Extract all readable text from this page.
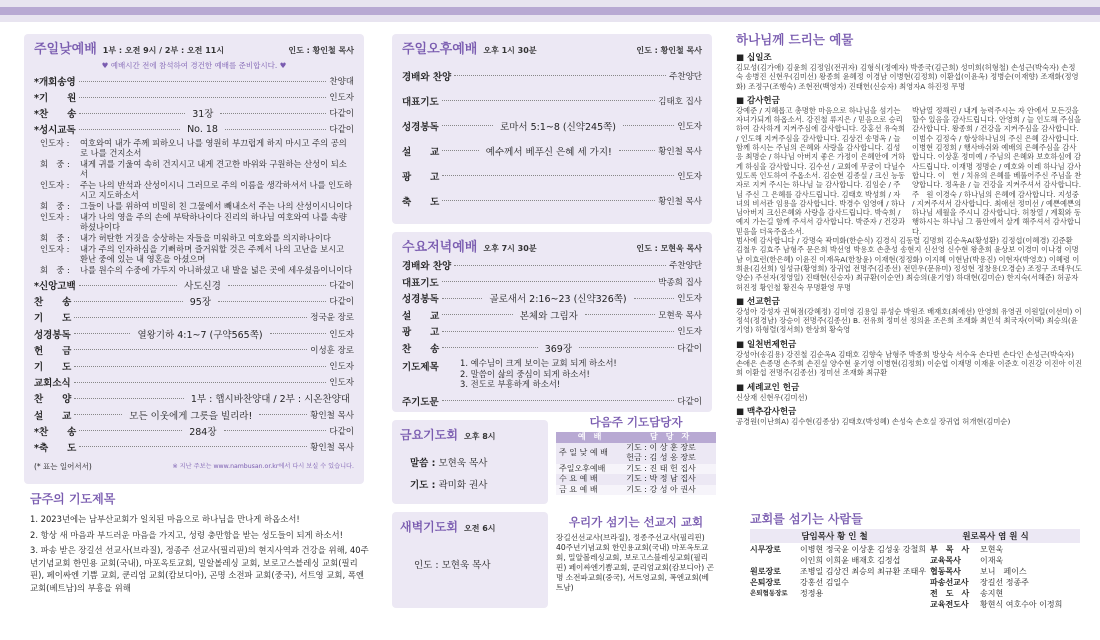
주일낮예배 1부 : 오전 9시 / 2부 : 오전 11시	인도 : 황인철 목사
♥ 예배시간 전에 참석하여 경건한 예배를 준비합시다. ♥
*개회송영	찬양대
*기　　원	인도자
*찬　　송	31장	다같이
*성시교독	No. 18	다같이
인도자 :	여호와여 내가 주께 피하오니 나를 영원히 부끄럽게 하지 마시고 주의 공의로 나를 건지소서
회　중 :	내게 귀를 기울여 속히 건지시고 내게 견고한 바위와 구원하는 산성이 되소서
인도자 :	주는 나의 반석과 산성이시니 그러므로 주의 이름을 생각하셔서 나를 인도하시고 지도하소서
회　중 :	그들이 나를 위하여 비밀히 친 그물에서 빼내소서 주는 나의 산성이시니이다
인도자 :	내가 나의 영을 주의 손에 부탁하나이다 진리의 하나님 여호와여 나를 속량하셨나이다
회　중 :	내가 허탄한 거짓을 숭상하는 자들을 미워하고 여호와를 의지하나이다
인도자 :	내가 주의 인자하심을 기뻐하며 즐거워할 것은 주께서 나의 고난을 보시고 환난 중에 있는 내 영혼을 아셨으며
회　중 :	나를 원수의 수중에 가두지 아니하셨고 내 발을 넓은 곳에 세우셨음이니이다
*신앙고백	사도신경	다같이
찬　　송	95장	다같이
기　　도	정국윤 장로
성경봉독	열왕기하 4:1~7 (구약565쪽)	인도자
헌　　금	이성훈 장로
기　　도	인도자
교회소식	인도자
찬　　양	1부 : 햅시바찬양대 / 2부 : 시온찬양대
설　　교	모든 이웃에게 그릇을 빌리라!	황인철 목사
*찬　　송	284장	다같이
*축　　도	황인철 목사
(* 표는 일어서서)	※ 지난 주보는 www.nambusan.or.kr에서 다시 보실 수 있습니다.
금주의 기도제목
1. 2023년에는 남부산교회가 일치된 마음으로 하나님을 만나게 하옵소서!
2. 항상 새 마음과 부드러운 마음을 가지고, 성령 충만함을 받는 성도들이 되게 하소서!
3. 파송 받은 장길선 선교사(브라질), 정종주 선교사(필리핀)의 현지사역과 건강을 위해, 40주년기념교회 한민용 교회(국내), 마포옥토교회, 밀알볼레싱 교회, 보로고스블레싱 교회(필리핀), 페이싸엔 기쁨 교회, 쿤리엄 교회(캄보디아), 곤명 소전파 교회(중국), 서트영 교회, 폭엔 교회(베트남)의 부흥을 위해
주일오후예배 오후 1시 30분	인도 : 황인철 목사
경배와 찬양	주찬양단
대표기도	김태호 집사
성경봉독	로마서 5:1~8 (신약245쪽)	인도자
설　　교	예수께서 베푸신 은혜 세 가지!	황인철 목사
광　　고	인도자
축　　도	황인철 목사
수요저녁예배 오후 7시 30분	인도 : 모현욱 목사
경배와 찬양	주찬양단
대표기도	박종희 집사
성경봉독	골로새서 2:16~23 (신약326쪽)	인도자
설　　교	본체와 그림자	모현욱 목사
광　　고	인도자
찬　　송	369장	다같이
기도제목	1. 예수님이 크게 보이는 교회 되게 하소서!
2. 말씀이 삶의 중심이 되게 하소서!
3. 전도로 부흥하게 하소서!
주기도문	다같이
금요기도회 오후 8시
말씀 : 모현욱 목사
기도 : 곽미화 권사
다음주 기도담당자
예　배	담　당　자
주 일 낮 예 배	기도 : 이 상 훈 장로
	헌금 : 김 성 옹 장로
주일오후예배	기도 : 진 태 헌 집사
수 요 예 배	기도 : 박 정 남 집사
금 요 예 배	기도 : 강 성 아 권사
새벽기도회 오전 6시
인도 : 모현욱 목사
우리가 섬기는 선교지 교회
장길선선교사(브라질), 정종주선교사(필리핀) 40주년기념교회 한민용교회(국내) 마포옥토교회, 밀알볼레싱교회, 보로고스블레싱교회(필리핀) 페이싸엔기쁨교회, 쿤리엄교회(캄보디아) 곤명 소전파교회(중국), 서트영교회, 폭엔교회(베트남)
하나님께 드리는 예물
■ 십일조
김묘성(김가애) 김윤희 김정임(전귀자) 김형식(정예자) 박종국(김근희) 성미희(허형철) 손성근(박숙자) 손정숙 송병진 신현우(김미선) 왕종희 윤혜정 이경남 이병현(김정희) 이환섭(이윤옥) 정병순(이재향) 조재화(정영화) 조정구(조행숙) 조현전(백영자) 진태헌(신승자) 최영자A 하진정 무명
■ 감사헌금
강예준 / 지혜롭고 총명한 마음으로 하나님을 섬기는 자녀가되게 하옵소서. 강진철 류지은 / 믿음으로 승리하여 감사하게 지켜주심에 감사합니다. 강홍선 유숙희 / 인도해 지켜주심을 감사합니다. 김상건 송명옥 / 늘 함께 하시는 주님의 은혜와 사랑을 감사합니다. 김성응 최명순 / 하나님 아버지 좋은 가정이 은혜안에 거하게 하심을 감사합니다. 김수선 / 교회에 무궁이 다닐수 있도록 인도하여 주옵소서. 김순현 김종실 / 크신 능동자로 지켜 주시는 하나님 늘 감사합니다. 김임순 / 주님 주신 그 은혜를 감사드립니다. 김태호 박성희 / 자녀의 비서관 임용을 감사합니다. 박경수 임영애 / 하나님아버지 크신은혜와 사랑을 감사드립니다. 박숙희 / 예지 가는길 함께 주셔서 감사합니다. 박준자 / 건강과 믿음을 더욱주옵소서.
박남열 정해린 / 내게 능력주시는 자 안에서 모든것을 할수 있음을 감사드립니다. 안영희 / 늘 인도해 주심을 감사합니다. 왕종희 / 건강을 지켜주심을 감사합니다. 이범수 김정숙 / 항상하나님의 주신 은혜 감사합니다. 이병현 김정희 / 행사바쉬와 예배의 은혜주심을 감사합니다. 이상훈 정미예 / 주님의 은혜와 보호하심에 감사드립니다. 이재명 정명순 / 예호와 이레 하나님 감사합니다. 이　헌 / 치유의 은혜를 베풀어주신 주님을 찬양합니다. 정옥윤 / 늘 건강을 지켜주셔서 감사합니다. 주　원 이경숙 / 하나님의 은혜에 감사합니다. 지성중 / 지켜주셔서 감사합니다. 최애선 정미선 / 예쁜예쁜의 하나님 세월을 주시니 감사합니다. 허창열 / 계획와 동행하시는 하나님 그 품안에서 살게 해주셔서 감사합니다.
범사에 감사합니다 / 강명숙 곽미화(한순식) 김경식 김동렬 김명희 김순옥A(황성환) 김정섭(이혜경) 김준환 김철우 김효주 남형주 문은희 박선영 박용호 손춘성 송현지 신선영 신수현 왕춘희 윤상보 이경미 이나경 이명남 이효런(한은혜) 이윤진 이재옥A(한창윤) 이재현(정정화) 이지혜 이현남(박용진) 이현자(박영호) 이혜령 이희윤(김선희) 임성규(황영희) 장귀엽 전명주(김종선) 전민우(문유미) 정성현 정창용(오경순) 조정구 조태우(도양순) 주선자(정영일) 진태현(신승자) 최규환(이순연) 최승의(윤기영) 하대현(김미순) 한지숙(서해준) 허공자 허진정 황인철 황진숙 무명환영 무명
■ 선교헌금
강성아 강성자 권혁점(강혜정) 김미영 김용일 류성순 박원조 배재호(최애선) 안영희 유영권 이원일(이선미) 이정석(정경남) 장승이 전명주(김종선) B. 전유희 정미선 정의윤 조은희 조재화 최인석 최국자(이택) 최승의(윤기영) 하형렬(정서희) 한상희 황숙영
■ 일천번제헌금
강성아(송김용) 강진철 김순옥A 김태호 김향숙 남형주 박종희 방상숙 서수옥 손다빈 손다인 손성근(박숙자) 손애은 손종명 손주희 손진실 양수현 윤기영 이병현(김정희) 이순엽 이재명 이재윤 이준호 이진강 이진아 이진희 이환섭 전명주(김종선) 정미선 조재화 최규환
■ 세례교인 헌금
신상재 신현우(김미선)
■ 맥추감사헌금
공경원(이난희A) 김수현(김종상) 김태호(박성혜) 손성숙 손호실 장귀엽 허개현(김미순)
교회를 섬기는 사람들
담임목사 황 인 철	원로목사 염 원 식
시무장로	이병현 정국윤 이상훈 김성웅 강철희
이인희 이희윤 배재호 김정섭
원로장로	조병일 김상건 최승의 최규환 조태우
은퇴장로	강홍선 김일수
은퇴협동장로	정정용
부　목　사	모현욱
교육목사	이재욱
협동목사	보니　페이스
파송선교사	장길선 정종주
전　도　사	송지현
교육전도사	황현식 여호수아 이정희
